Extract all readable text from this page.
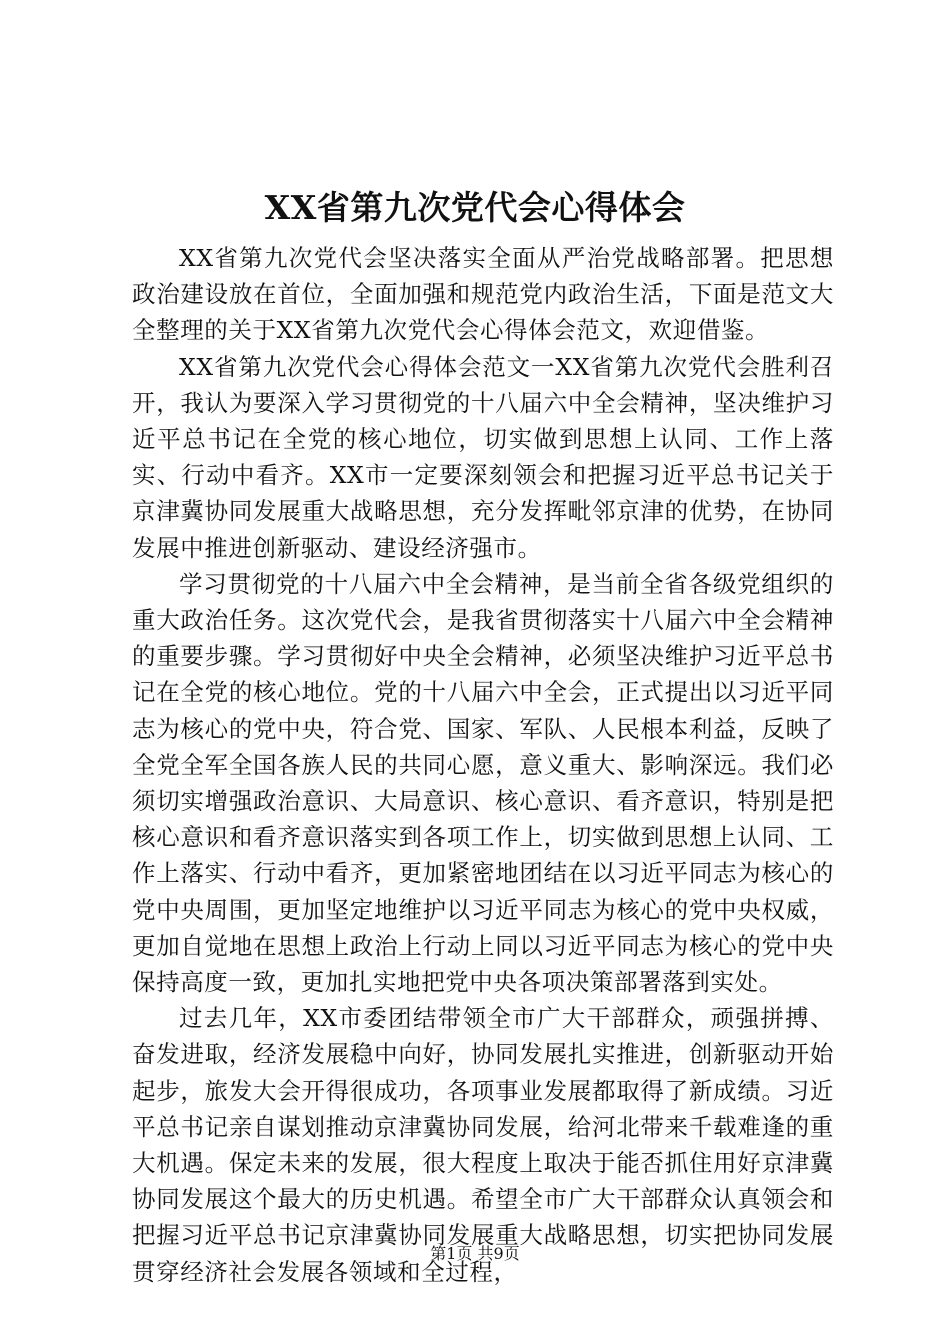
XX省第九次党代会心得体会

XX省第九次党代会坚决落实全面从严治党战略部署。把思想政治建设放在首位，全面加强和规范党内政治生活，下面是范文大全整理的关于XX省第九次党代会心得体会范文，欢迎借鉴。

XX省第九次党代会心得体会范文一XX省第九次党代会胜利召开，我认为要深入学习贯彻党的十八届六中全会精神，坚决维护习近平总书记在全党的核心地位，切实做到思想上认同、工作上落实、行动中看齐。XX市一定要深刻领会和把握习近平总书记关于京津冀协同发展重大战略思想，充分发挥毗邻京津的优势，在协同发展中推进创新驱动、建设经济强市。

学习贯彻党的十八届六中全会精神，是当前全省各级党组织的重大政治任务。这次党代会，是我省贯彻落实十八届六中全会精神的重要步骤。学习贯彻好中央全会精神，必须坚决维护习近平总书记在全党的核心地位。党的十八届六中全会，正式提出以习近平同志为核心的党中央，符合党、国家、军队、人民根本利益，反映了全党全军全国各族人民的共同心愿，意义重大、影响深远。我们必须切实增强政治意识、大局意识、核心意识、看齐意识，特别是把核心意识和看齐意识落实到各项工作上，切实做到思想上认同、工作上落实、行动中看齐，更加紧密地团结在以习近平同志为核心的党中央周围，更加坚定地维护以习近平同志为核心的党中央权威，更加自觉地在思想上政治上行动上同以习近平同志为核心的党中央保持高度一致，更加扎实地把党中央各项决策部署落到实处。

过去几年，XX市委团结带领全市广大干部群众，顽强拼搏、奋发进取，经济发展稳中向好，协同发展扎实推进，创新驱动开始起步，旅发大会开得很成功，各项事业发展都取得了新成绩。习近平总书记亲自谋划推动京津冀协同发展，给河北带来千载难逢的重大机遇。保定未来的发展，很大程度上取决于能否抓住用好京津冀协同发展这个最大的历史机遇。希望全市广大干部群众认真领会和把握习近平总书记京津冀协同发展重大战略思想，切实把协同发展贯穿经济社会发展各领域和全过程，

第1页 共9页
